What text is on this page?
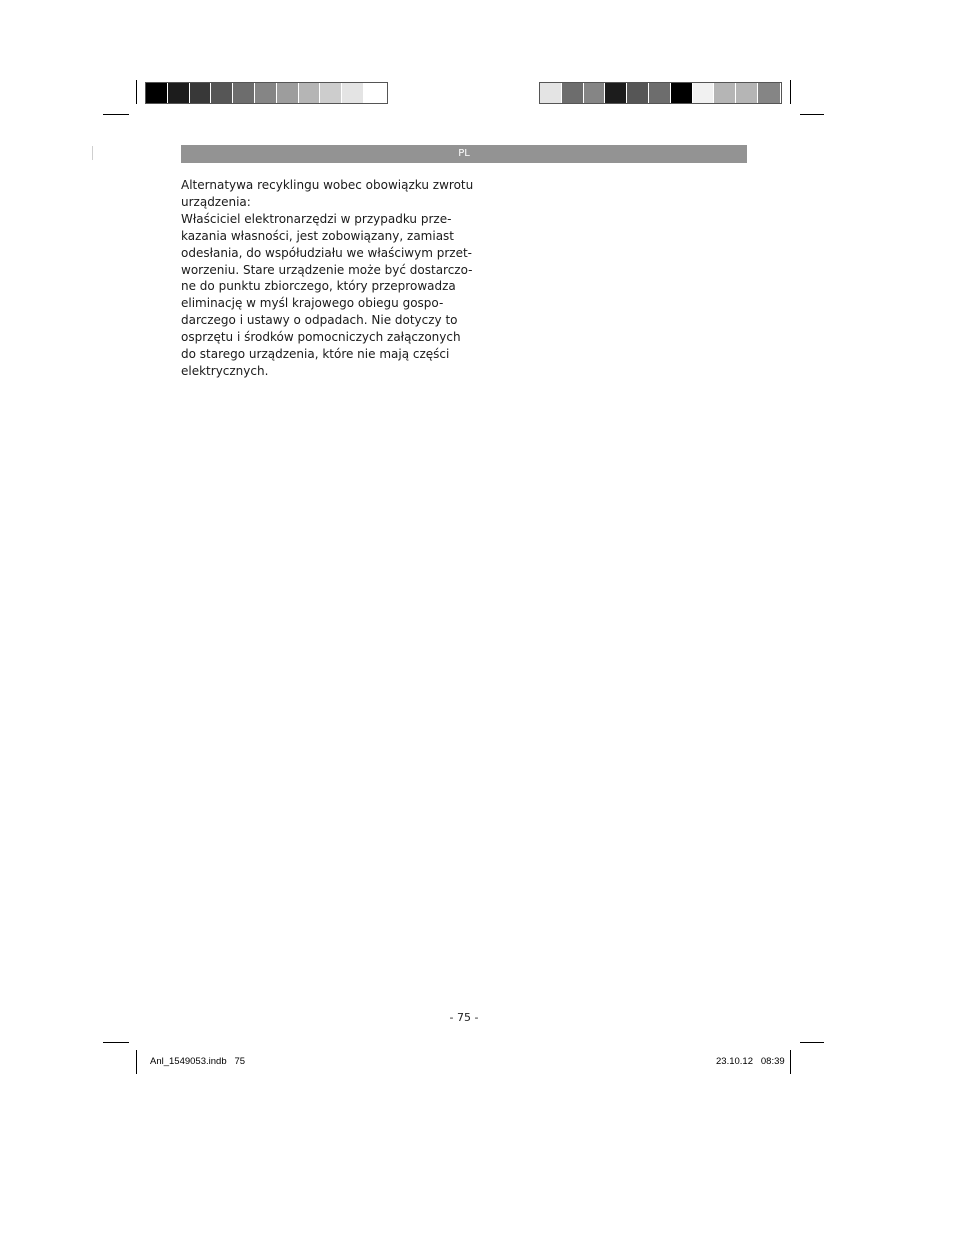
PL
Alternatywa recyklingu wobec obowiązku zwrotu
urządzenia:
Właściciel elektronarzędzi w przypadku prze-
kazania własności, jest zobowiązany, zamiast
odesłania, do współudziału we właściwym przet-
worzeniu. Stare urządzenie może być dostarczo-
ne do punktu zbiorczego, który przeprowadza
eliminację w myśl krajowego obiegu gospo-
darczego i ustawy o odpadach. Nie dotyczy to
osprzętu i środków pomocniczych załączonych
do starego urządzenia, które nie mają części
elektrycznych.
- 75 -
Anl_1549053.indb   75	23.10.12   08:39
